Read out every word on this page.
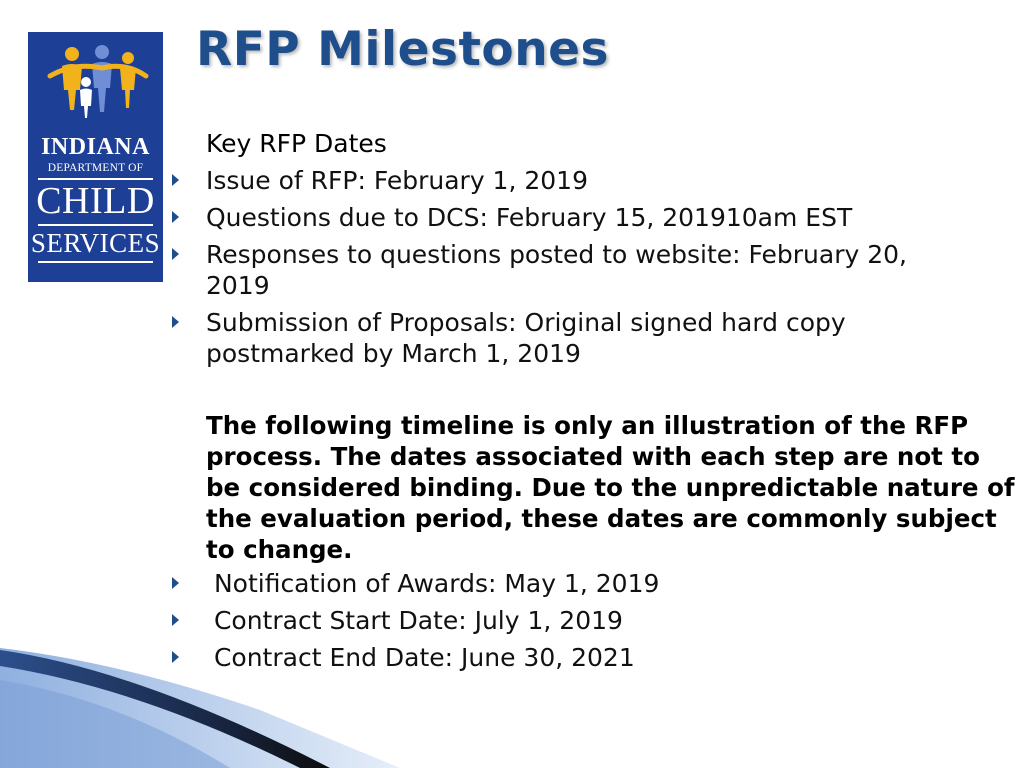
INDIANA
DEPARTMENT OF
CHILD
SERVICES
RFP Milestones
Key RFP Dates
Issue of RFP: February 1, 2019
Questions due to DCS: February 15, 201910am EST
Responses to questions posted to website: February 20,
2019
Submission of Proposals: Original signed hard copy
postmarked by March 1, 2019
The following timeline is only an illustration of the RFP
process. The dates associated with each step are not to
be considered binding. Due to the unpredictable nature of
the evaluation period, these dates are commonly subject
to change.
Notification of Awards: May 1, 2019
Contract Start Date: July 1, 2019
Contract End Date: June 30, 2021
